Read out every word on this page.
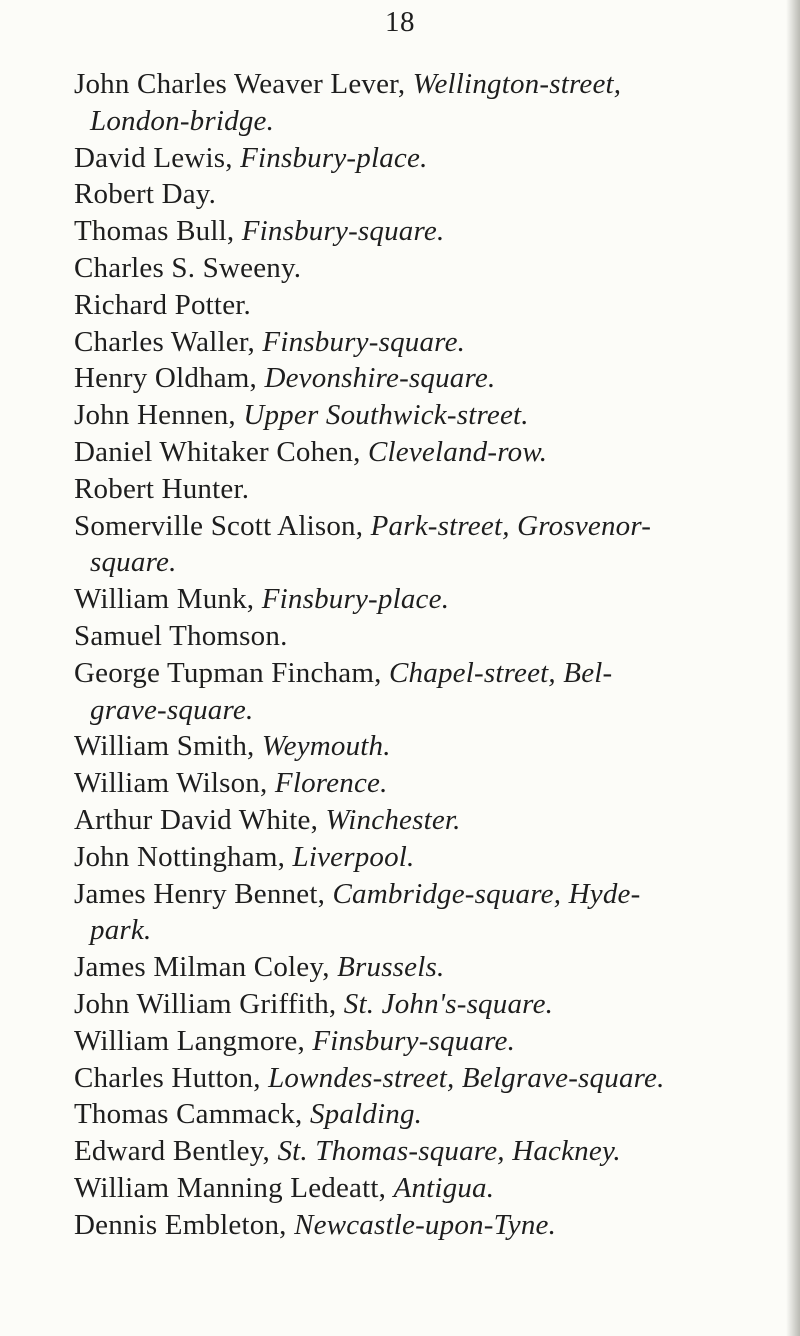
18
John Charles Weaver Lever, Wellington-street,
London-bridge.
David Lewis, Finsbury-place.
Robert Day.
Thomas Bull, Finsbury-square.
Charles S. Sweeny.
Richard Potter.
Charles Waller, Finsbury-square.
Henry Oldham, Devonshire-square.
John Hennen, Upper Southwick-street.
Daniel Whitaker Cohen, Cleveland-row.
Robert Hunter.
Somerville Scott Alison, Park-street, Grosvenor-
square.
William Munk, Finsbury-place.
Samuel Thomson.
George Tupman Fincham, Chapel-street, Bel-
grave-square.
William Smith, Weymouth.
William Wilson, Florence.
Arthur David White, Winchester.
John Nottingham, Liverpool.
James Henry Bennet, Cambridge-square, Hyde-
park.
James Milman Coley, Brussels.
John William Griffith, St. John's-square.
William Langmore, Finsbury-square.
Charles Hutton, Lowndes-street, Belgrave-square.
Thomas Cammack, Spalding.
Edward Bentley, St. Thomas-square, Hackney.
William Manning Ledeatt, Antigua.
Dennis Embleton, Newcastle-upon-Tyne.
